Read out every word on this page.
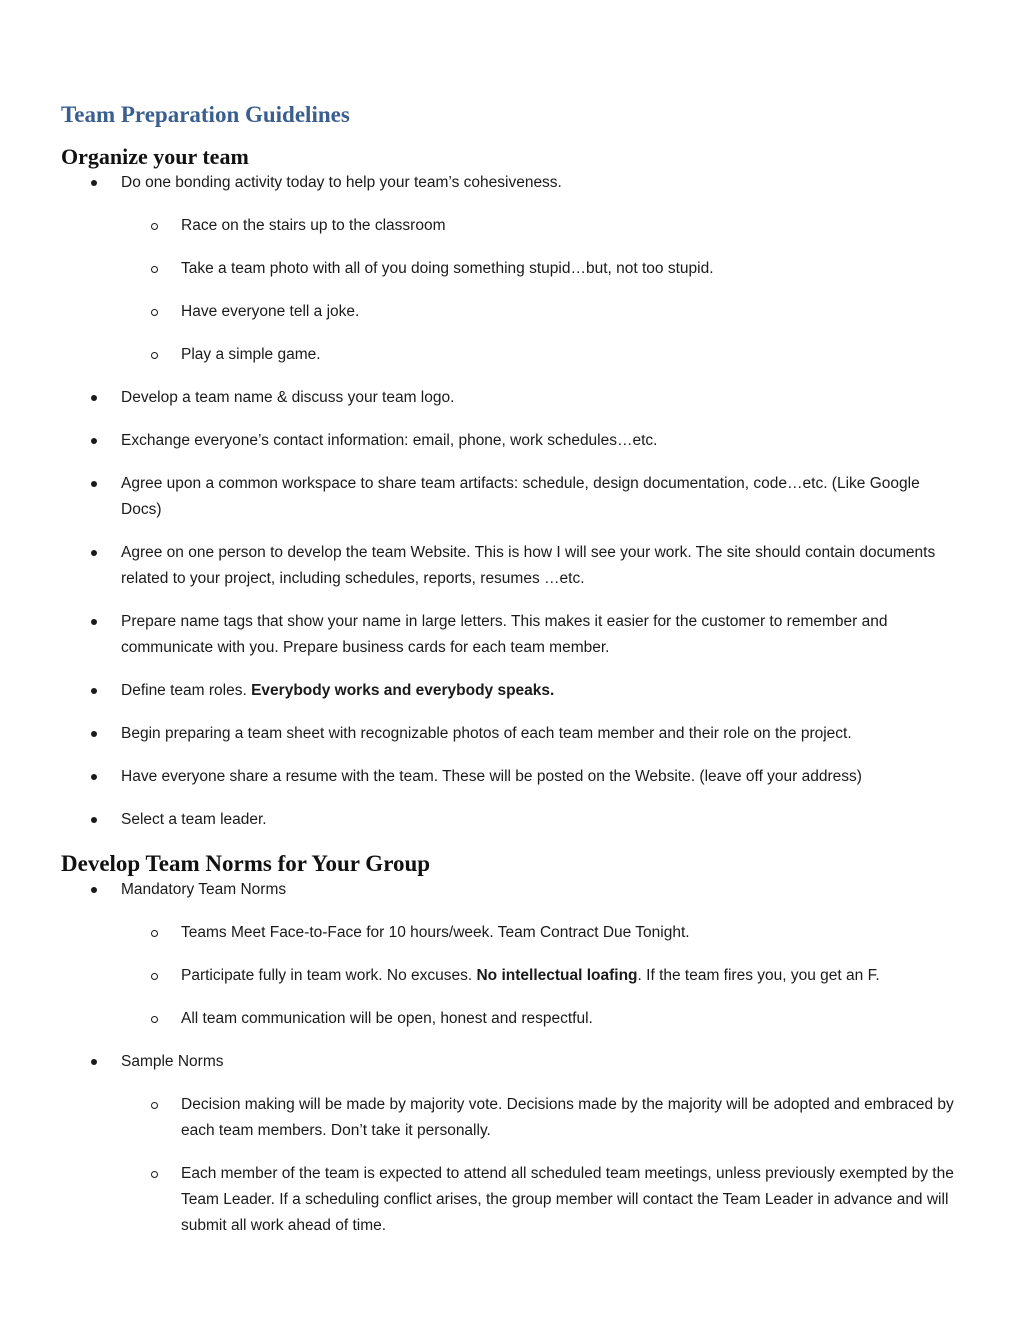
Team Preparation Guidelines
Organize your team
Do one bonding activity today to help your team’s cohesiveness.
Race on the stairs up to the classroom
Take a team photo with all of you doing something stupid…but, not too stupid.
Have everyone tell a joke.
Play a simple game.
Develop a team name & discuss your team logo.
Exchange everyone’s contact information: email, phone, work schedules…etc.
Agree upon a common workspace to share team artifacts: schedule, design documentation, code…etc. (Like Google Docs)
Agree on one person to develop the team Website. This is how I will see your work. The site should contain documents related to your project, including schedules, reports, resumes …etc.
Prepare name tags that show your name in large letters. This makes it easier for the customer to remember and communicate with you. Prepare business cards for each team member.
Define team roles. Everybody works and everybody speaks.
Begin preparing a team sheet with recognizable photos of each team member and their role on the project.
Have everyone share a resume with the team. These will be posted on the Website. (leave off your address)
Select a team leader.
Develop Team Norms for Your Group
Mandatory Team Norms
Teams Meet Face-to-Face for 10 hours/week. Team Contract Due Tonight.
Participate fully in team work. No excuses. No intellectual loafing. If the team fires you, you get an F.
All team communication will be open, honest and respectful.
Sample Norms
Decision making will be made by majority vote. Decisions made by the majority will be adopted and embraced by each team members. Don’t take it personally.
Each member of the team is expected to attend all scheduled team meetings, unless previously exempted by the Team Leader. If a scheduling conflict arises, the group member will contact the Team Leader in advance and will submit all work ahead of time.
